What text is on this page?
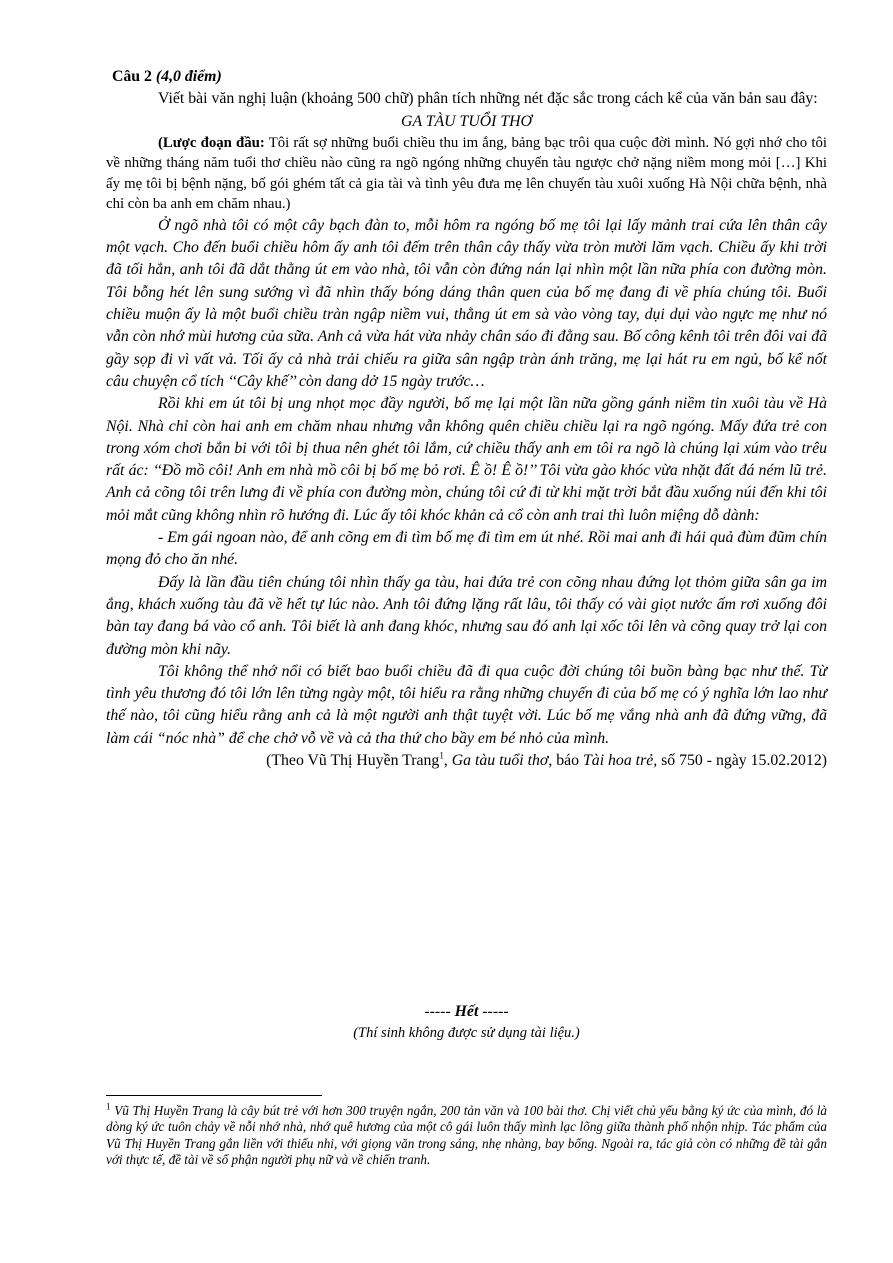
Câu 2 (4,0 điểm)

Viết bài văn nghị luận (khoảng 500 chữ) phân tích những nét đặc sắc trong cách kể của văn bản sau đây:

GA TÀU TUỔI THƠ

(Lược đoạn đầu: Tôi rất sợ những buổi chiều thu im ắng, bảng bạc trôi qua cuộc đời mình. Nó gợi nhớ cho tôi về những tháng năm tuổi thơ chiều nào cũng ra ngõ ngóng những chuyến tàu ngược chở nặng niềm mong mỏi […] Khi ấy mẹ tôi bị bệnh nặng, bố gói ghém tất cả gia tài và tình yêu đưa mẹ lên chuyến tàu xuôi xuống Hà Nội chữa bệnh, nhà chỉ còn ba anh em chăm nhau.)

Ở ngõ nhà tôi có một cây bạch đàn to, mỗi hôm ra ngóng bố mẹ tôi lại lấy mảnh trai cứa lên thân cây một vạch. Cho đến buổi chiều hôm ấy anh tôi đếm trên thân cây thấy vừa tròn mười lăm vạch. Chiều ấy khi trời đã tối hẳn, anh tôi đã dắt thằng út em vào nhà, tôi vẫn còn đứng nán lại nhìn một lần nữa phía con đường mòn. Tôi bỗng hét lên sung sướng vì đã nhìn thấy bóng dáng thân quen của bố mẹ đang đi về phía chúng tôi. Buổi chiều muộn ấy là một buổi chiều tràn ngập niềm vui, thằng út em sà vào vòng tay, dụi dụi vào ngực mẹ như nó vẫn còn nhớ mùi hương của sữa. Anh cả vừa hát vừa nhảy chân sáo đi đằng sau. Bố công kênh tôi trên đôi vai đã gầy sọp đi vì vất vả. Tối ấy cả nhà trải chiếu ra giữa sân ngập tràn ánh trăng, mẹ lại hát ru em ngủ, bố kể nốt câu chuyện cổ tích ‘‘Cây khế’’ còn dang dở 15 ngày trước…

Rồi khi em út tôi bị ung nhọt mọc đầy người, bố mẹ lại một lần nữa gồng gánh niềm tin xuôi tàu về Hà Nội. Nhà chỉ còn hai anh em chăm nhau nhưng vẫn không quên chiều chiều lại ra ngõ ngóng. Mấy đứa trẻ con trong xóm chơi bắn bi với tôi bị thua nên ghét tôi lắm, cứ chiều thấy anh em tôi ra ngõ là chúng lại xúm vào trêu rất ác: ‘‘Đồ mồ côi! Anh em nhà mồ côi bị bố mẹ bỏ rơi. Ê ồ! Ê ồ!’’ Tôi vừa gào khóc vừa nhặt đất đá ném lũ trẻ. Anh cả cõng tôi trên lưng đi về phía con đường mòn, chúng tôi cứ đi từ khi mặt trời bắt đầu xuống núi đến khi tôi mỏi mắt cũng không nhìn rõ hướng đi. Lúc ấy tôi khóc khản cả cổ còn anh trai thì luôn miệng dỗ dành:

- Em gái ngoan nào, để anh cõng em đi tìm bố mẹ đi tìm em út nhé. Rồi mai anh đi hái quả đùm đũm chín mọng đỏ cho ăn nhé.

Đấy là lần đầu tiên chúng tôi nhìn thấy ga tàu, hai đứa trẻ con cõng nhau đứng lọt thỏm giữa sân ga im ắng, khách xuống tàu đã về hết tự lúc nào. Anh tôi đứng lặng rất lâu, tôi thấy có vài giọt nước ấm rơi xuống đôi bàn tay đang bá vào cổ anh. Tôi biết là anh đang khóc, nhưng sau đó anh lại xốc tôi lên và cõng quay trở lại con đường mòn khi nãy.

Tôi không thể nhớ nổi có biết bao buổi chiều đã đi qua cuộc đời chúng tôi buồn bàng bạc như thế. Từ tình yêu thương đó tôi lớn lên từng ngày một, tôi hiểu ra rằng những chuyến đi của bố mẹ có ý nghĩa lớn lao như thế nào, tôi cũng hiểu rằng anh cả là một người anh thật tuyệt vời. Lúc bố mẹ vắng nhà anh đã đứng vững, đã làm cái “nóc nhà” để che chở vỗ về và cả tha thứ cho bầy em bé nhỏ của mình.

(Theo Vũ Thị Huyền Trang$^1$, Ga tàu tuổi thơ, báo Tài hoa trẻ, số 750 - ngày 15.02.2012)

----- Hết -----
(Thí sinh không được sử dụng tài liệu.)
$^1$ Vũ Thị Huyền Trang là cây bút trẻ với hơn 300 truyện ngắn, 200 tản văn và 100 bài thơ. Chị viết chủ yếu bằng ký ức của mình, đó là dòng ký ức tuôn chảy về nỗi nhớ nhà, nhớ quê hương của một cô gái luôn thấy mình lạc lõng giữa thành phố nhộn nhịp. Tác phẩm của Vũ Thị Huyền Trang gắn liền với thiếu nhi, với giọng văn trong sáng, nhẹ nhàng, bay bổng. Ngoài ra, tác giả còn có những đề tài gắn với thực tế, đề tài về số phận người phụ nữ và về chiến tranh.
